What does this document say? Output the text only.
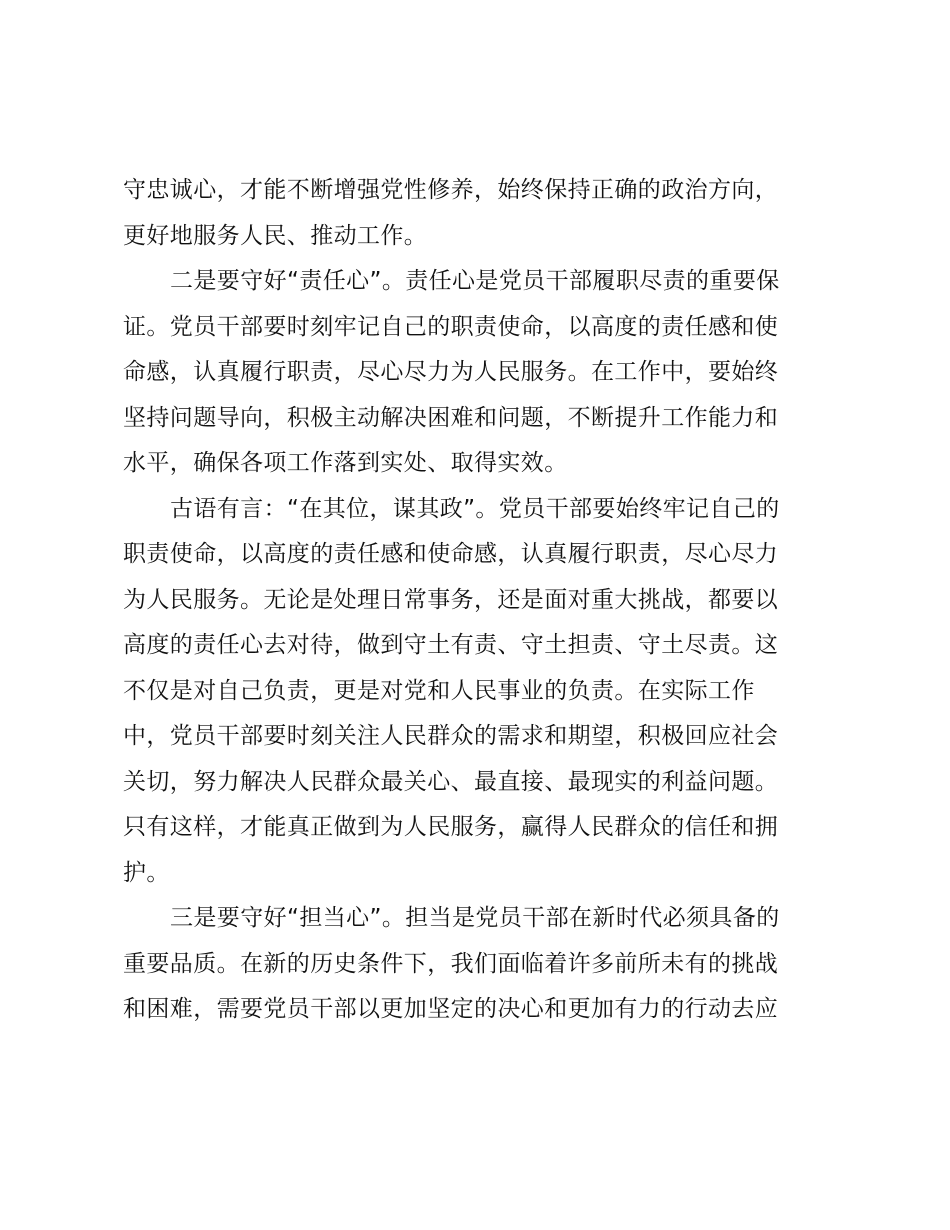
守忠诚心，才能不断增强党性修养，始终保持正确的政治方向，
更好地服务人民、推动工作。
二是要守好“责任心”。责任心是党员干部履职尽责的重要保
证。党员干部要时刻牢记自己的职责使命，以高度的责任感和使
命感，认真履行职责，尽心尽力为人民服务。在工作中，要始终
坚持问题导向，积极主动解决困难和问题，不断提升工作能力和
水平，确保各项工作落到实处、取得实效。
古语有言：“在其位，谋其政”。党员干部要始终牢记自己的
职责使命，以高度的责任感和使命感，认真履行职责，尽心尽力
为人民服务。无论是处理日常事务，还是面对重大挑战，都要以
高度的责任心去对待，做到守土有责、守土担责、守土尽责。这
不仅是对自己负责，更是对党和人民事业的负责。在实际工作
中，党员干部要时刻关注人民群众的需求和期望，积极回应社会
关切，努力解决人民群众最关心、最直接、最现实的利益问题。
只有这样，才能真正做到为人民服务，赢得人民群众的信任和拥
护。
三是要守好“担当心”。担当是党员干部在新时代必须具备的
重要品质。在新的历史条件下，我们面临着许多前所未有的挑战
和困难，需要党员干部以更加坚定的决心和更加有力的行动去应
